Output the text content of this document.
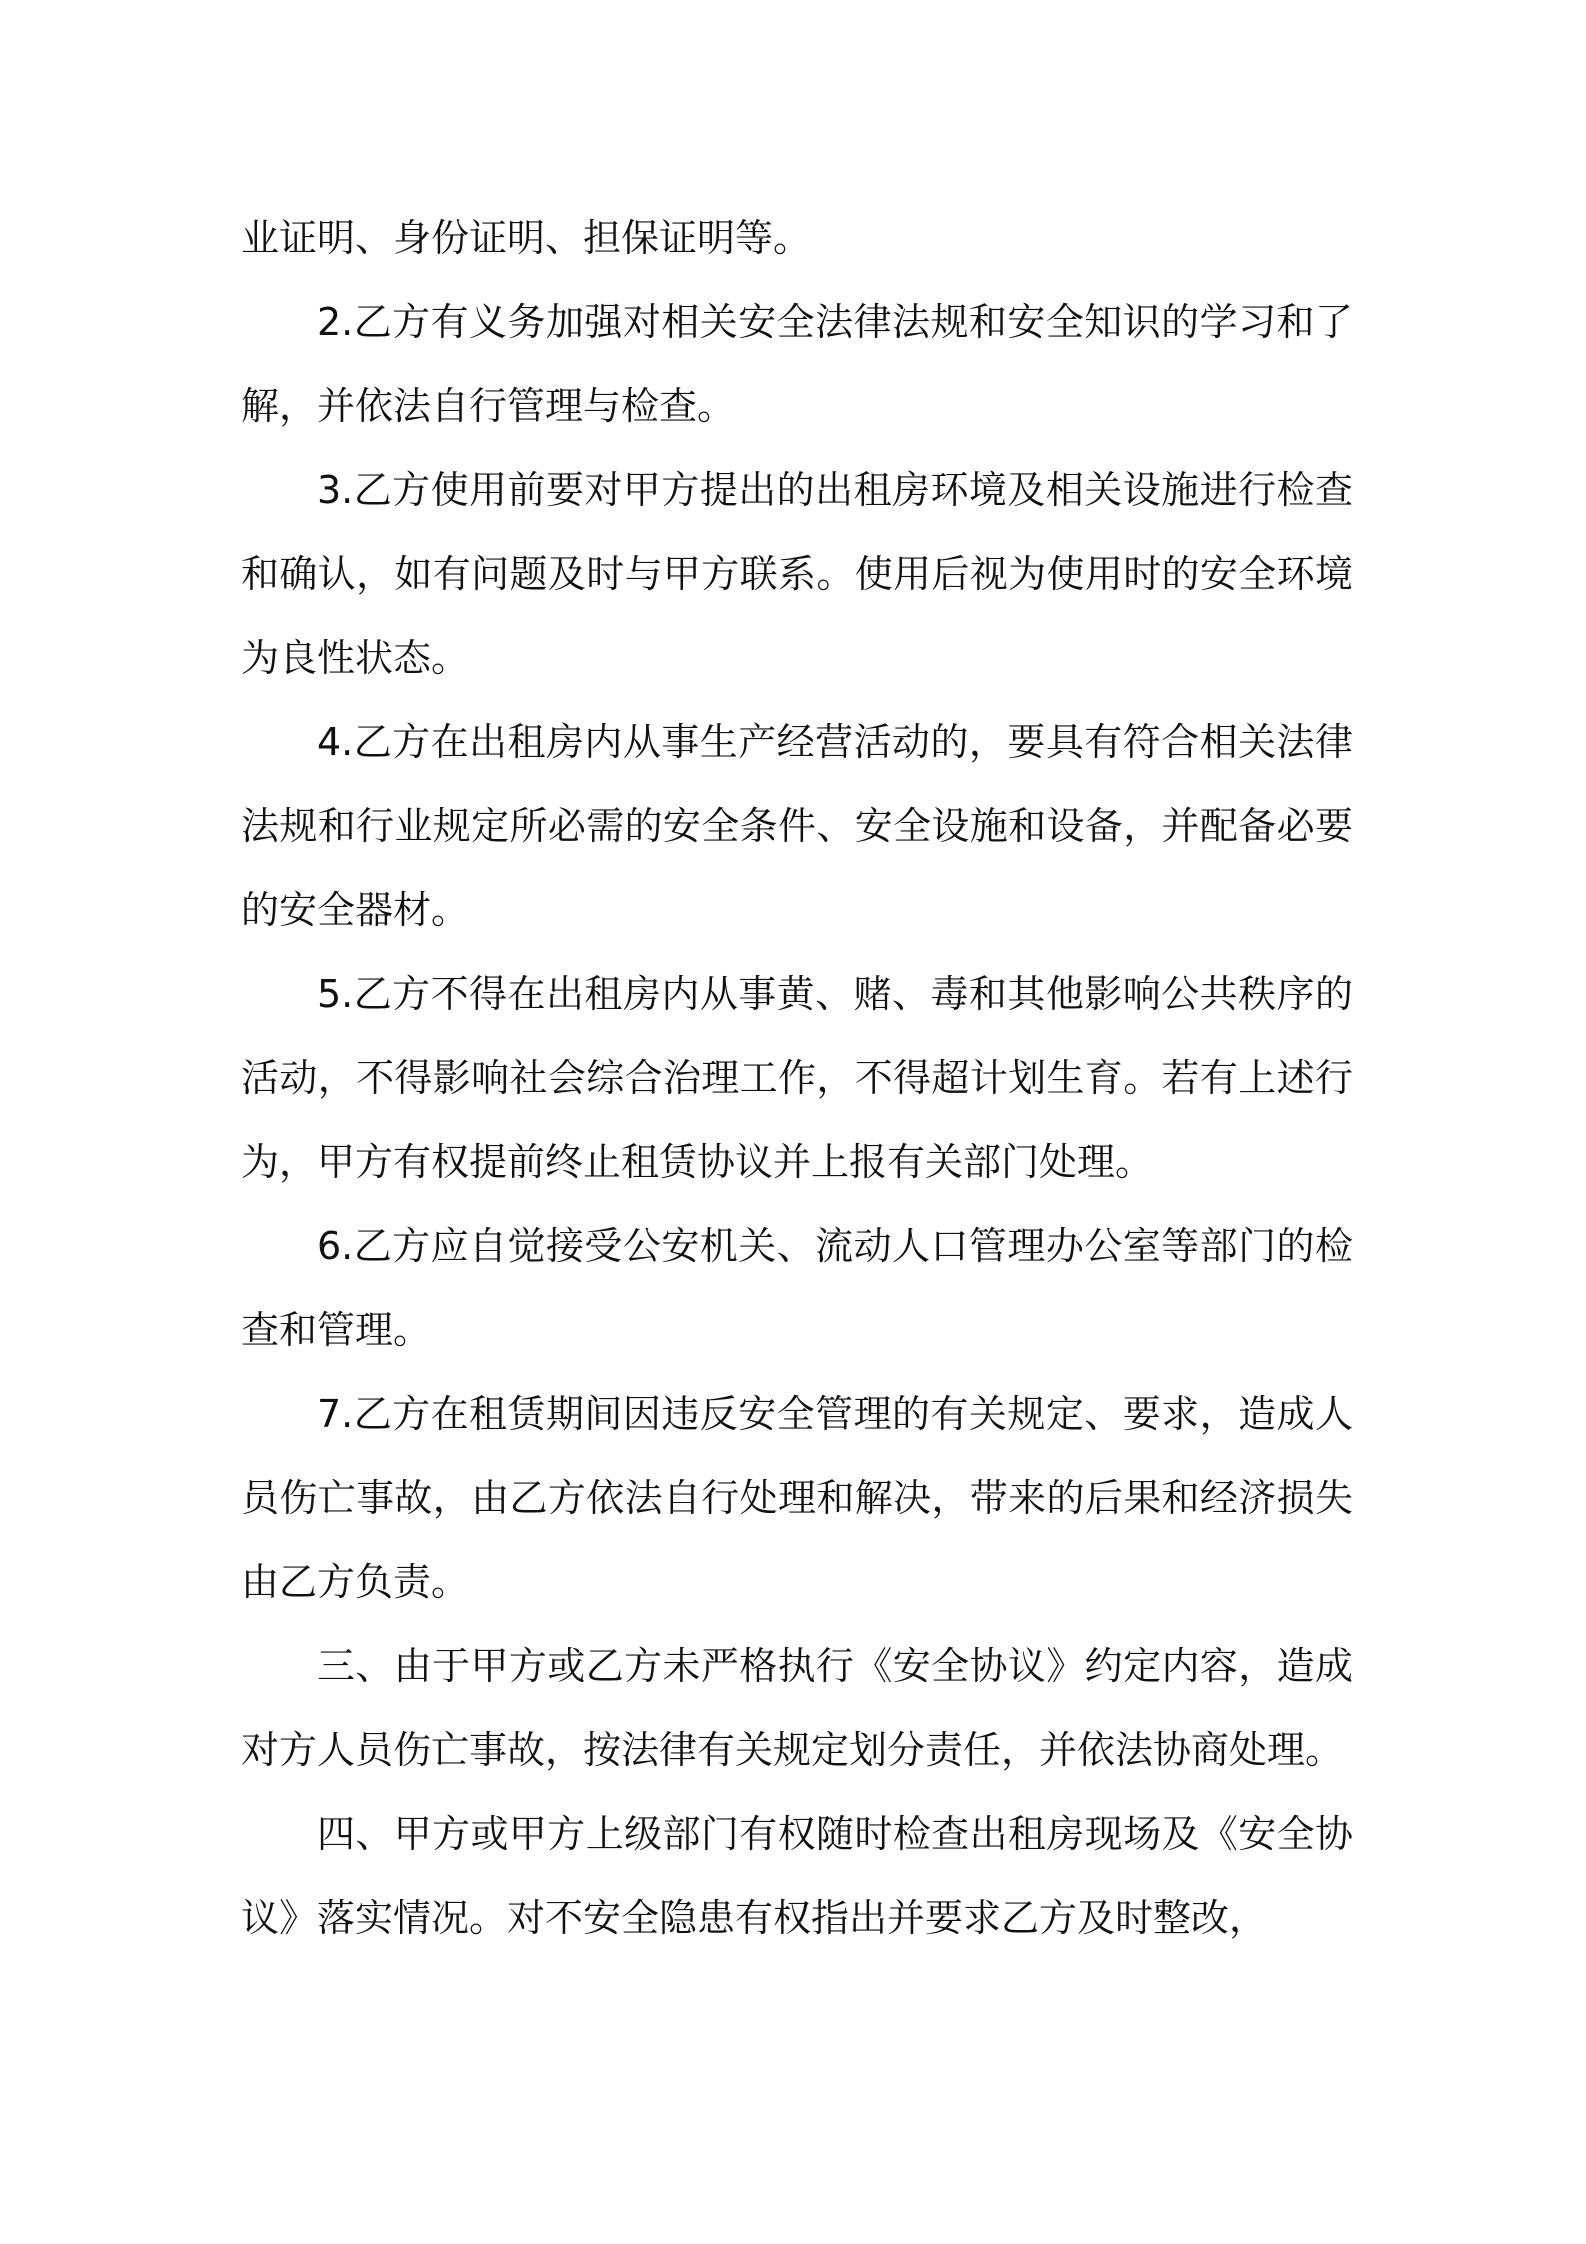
业证明、身份证明、担保证明等。

2.乙方有义务加强对相关安全法律法规和安全知识的学习和了解，并依法自行管理与检查。

3.乙方使用前要对甲方提出的出租房环境及相关设施进行检查和确认，如有问题及时与甲方联系。使用后视为使用时的安全环境为良性状态。

4.乙方在出租房内从事生产经营活动的，要具有符合相关法律法规和行业规定所必需的安全条件、安全设施和设备，并配备必要的安全器材。

5.乙方不得在出租房内从事黄、赌、毒和其他影响公共秩序的活动，不得影响社会综合治理工作，不得超计划生育。若有上述行为，甲方有权提前终止租赁协议并上报有关部门处理。

6.乙方应自觉接受公安机关、流动人口管理办公室等部门的检查和管理。

7.乙方在租赁期间因违反安全管理的有关规定、要求，造成人员伤亡事故，由乙方依法自行处理和解决，带来的后果和经济损失由乙方负责。

三、由于甲方或乙方未严格执行《安全协议》约定内容，造成对方人员伤亡事故，按法律有关规定划分责任，并依法协商处理。

四、甲方或甲方上级部门有权随时检查出租房现场及《安全协议》落实情况。对不安全隐患有权指出并要求乙方及时整改，
